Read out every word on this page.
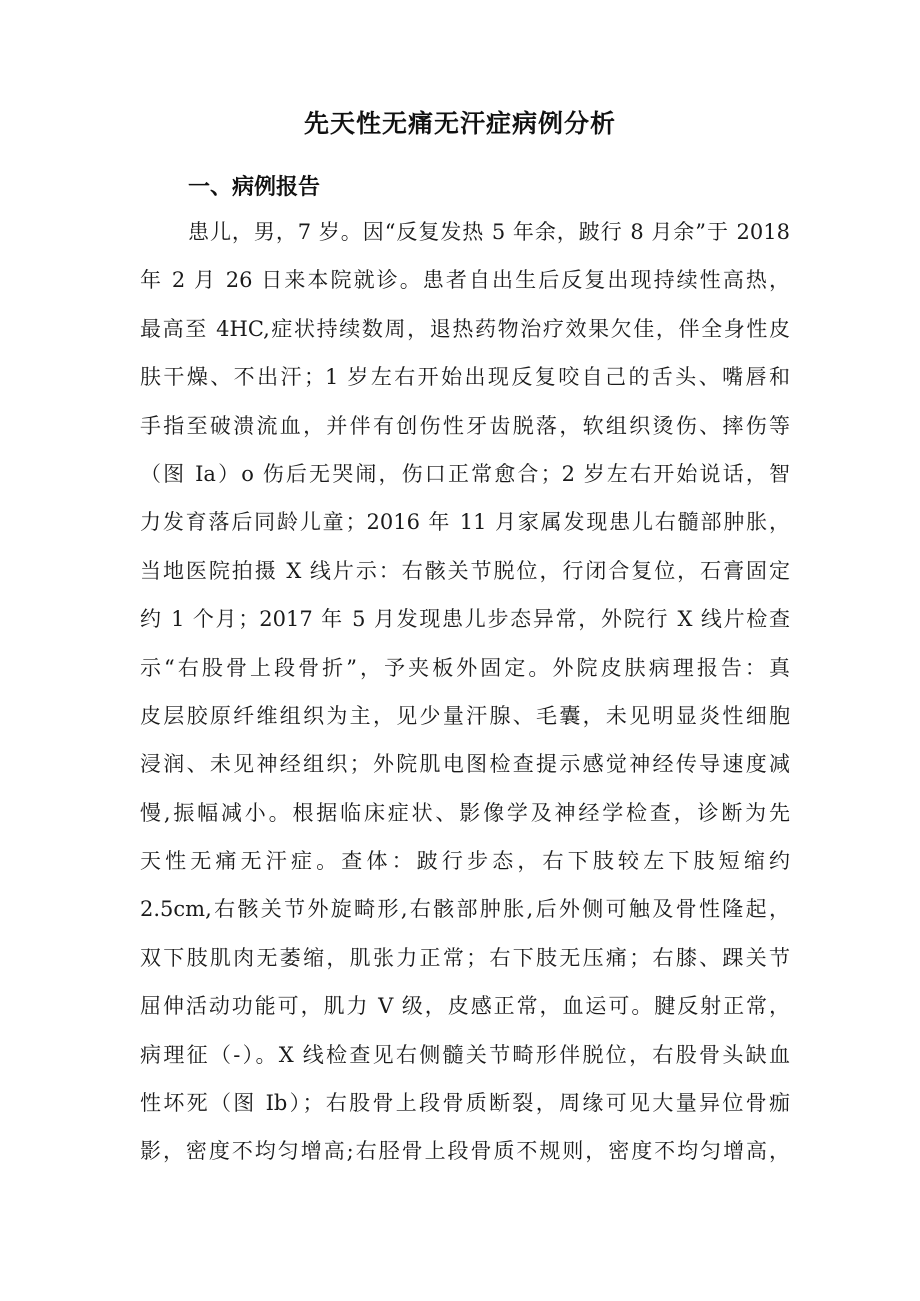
先天性无痛无汗症病例分析
一、病例报告
患儿，男，7 岁。因“反复发热 5 年余，跛行 8 月余”于 2018
年 2 月 26 日来本院就诊。患者自出生后反复出现持续性高热，
最高至 4HC,症状持续数周，退热药物治疗效果欠佳，伴全身性皮
肤干燥、不出汗；1 岁左右开始出现反复咬自己的舌头、嘴唇和
手指至破溃流血，并伴有创伤性牙齿脱落，软组织烫伤、摔伤等
（图 Ia）o 伤后无哭闹，伤口正常愈合；2 岁左右开始说话，智
力发育落后同龄儿童；2016 年 11 月家属发现患儿右髓部肿胀，
当地医院拍摄 X 线片示：右骸关节脱位，行闭合复位，石膏固定
约 1 个月；2017 年 5 月发现患儿步态异常，外院行 X 线片检查
示“右股骨上段骨折”，予夹板外固定。外院皮肤病理报告：真
皮层胶原纤维组织为主，见少量汗腺、毛囊，未见明显炎性细胞
浸润、未见神经组织；外院肌电图检查提示感觉神经传导速度减
慢,振幅减小。根据临床症状、影像学及神经学检查，诊断为先
天性无痛无汗症。查体：跛行步态，右下肢较左下肢短缩约
2.5cm,右骸关节外旋畸形,右骸部肿胀,后外侧可触及骨性隆起，
双下肢肌肉无萎缩，肌张力正常；右下肢无压痛；右膝、踝关节
屈伸活动功能可，肌力 V 级，皮感正常，血运可。腱反射正常，
病理征（-）。X 线检查见右侧髓关节畸形伴脱位，右股骨头缺血
性坏死（图 Ib）；右股骨上段骨质断裂，周缘可见大量异位骨痂
影，密度不均匀增高;右胫骨上段骨质不规则，密度不均匀增高，
